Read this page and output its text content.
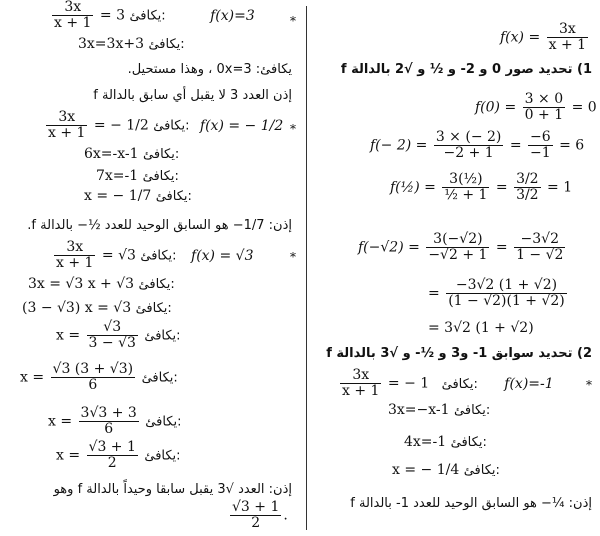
$f(x) = \frac{3x}{x + 1}$
1) تحديد صور 0 و 2- و ½ و √2 بالدالة f
$f(0) = \frac{3 \times 0}{0 + 1} = 0$
$f(- 2) = \frac{3 \times (- 2)}{-2 + 1} = \frac{-6}{-1} = 6$
f(½) = $\frac{\text{3(½)}}{\text{½ + 1}} = \frac{3/2}{3/2} = 1$
$f(-√2) = \frac{3(-√2)}{-√2 + 1} = \frac{-3√2}{1 - √2}$
= $\frac{-3√2 (1 + √2)}{(1 - √2)(1 + √2)}$
= 3√2 (1 + √2)
2) تحديد سوابق 1- و3 و ½- و √3 بالدالة f
$\frac{3x}{x + 1}$ = − 1 يكافئ: f(x)=-1	*
3x=−x-1 يكافئ:
4x=-1 يكافئ:
x = − 1/4 يكافئ:
إذن: ¼− هو السابق الوحيد للعدد 1- بالدالة f
$\frac{3x}{x + 1} = 3$ يكافئ:	f(x)=3	*
3x=3x+3 يكافئ:
يكافئ: 0x=3 ، وهذا مستحيل.
إذن العدد 3 لا يقبل أي سابق بالدالة f
$\frac{3x}{x + 1}$ = − 1/2 يكافئ: f(x) = − 1/2 *
6x=-x-1 يكافئ:
7x=-1 يكافئ:
x = − 1/7 يكافئ:
إذن: 1/7− هو السابق الوحيد للعدد ½− بالدالة f.
$\frac{3x}{x + 1} = √3$ يكافئ: f(x) = √3	*
3x = √3 x + √3 يكافئ:
(3 − √3) x = √3 يكافئ:
$x = \frac{√3}{3 - √3}$ يكافئ:
$x = \frac{√3 (3 + √3)}{6}$ يكافئ:
$x = \frac{3√3 + 3}{6}$ يكافئ:
$x = \frac{√3 + 1}{2}$ يكافئ:
إذن: العدد √3 يقبل سابقا وحيداً بالدالة f وهو
$\frac{√3 + 1}{2}$ .
